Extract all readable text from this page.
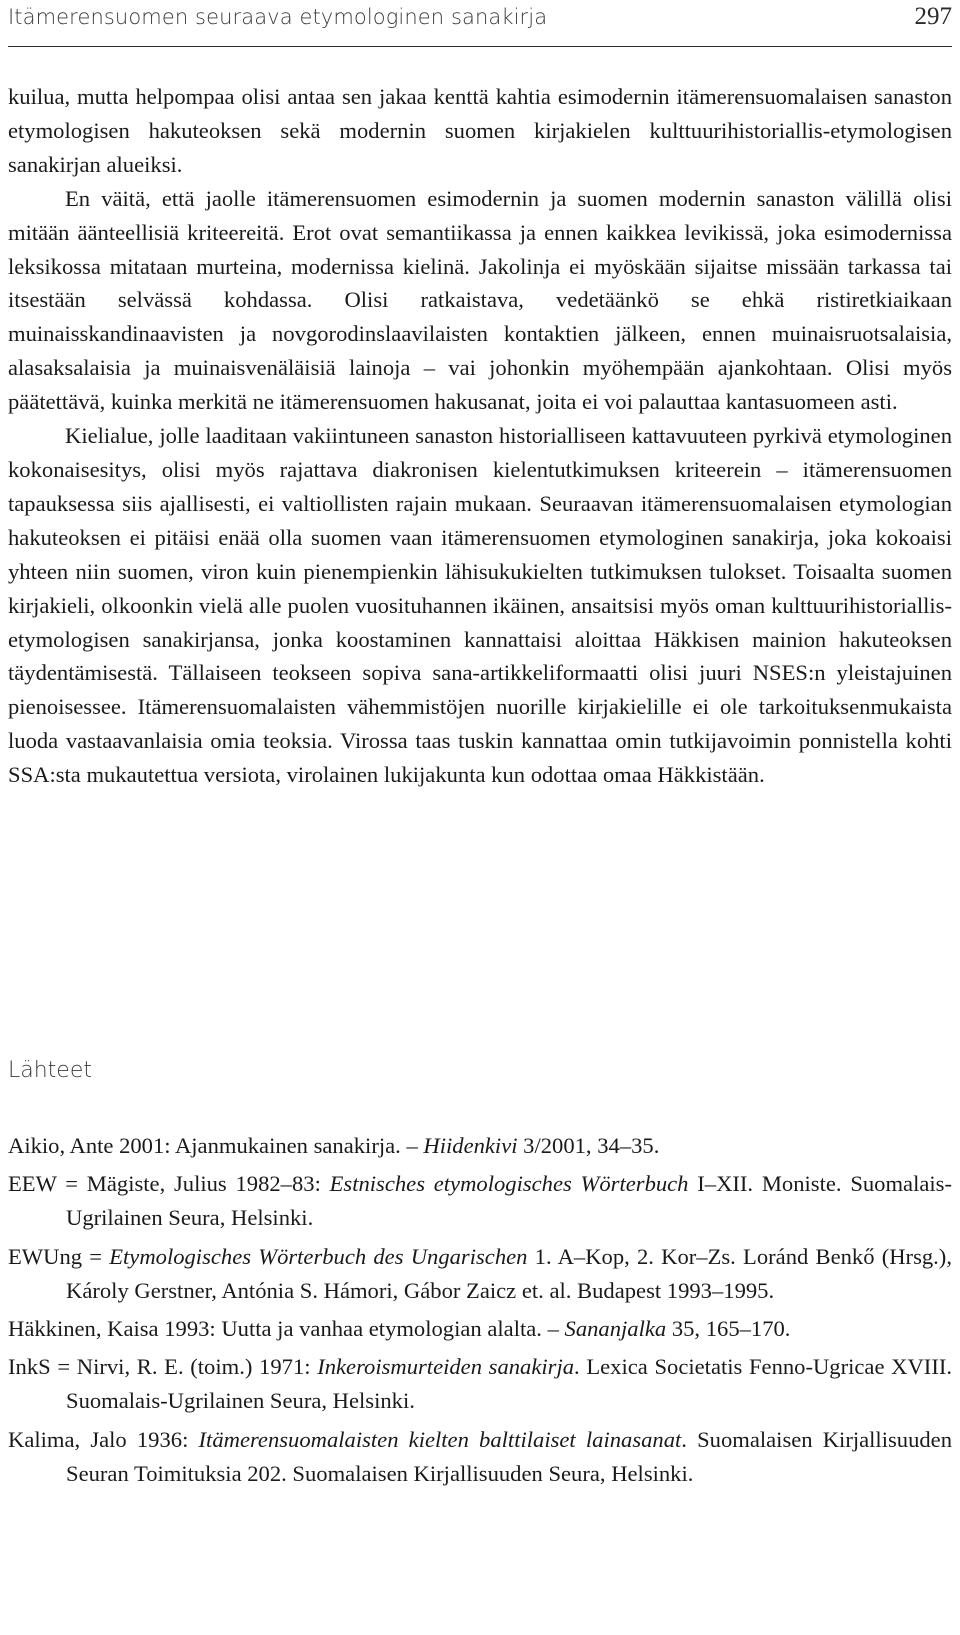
Itämerensuomen seuraava etymologinen sanakirja	297

kuilua, mutta helpompaa olisi antaa sen jakaa kenttä kahtia esimodernin itämerensuomalaisen sanaston etymologisen hakuteoksen sekä modernin suomen kirjakielen kulttuurihistoriallis-etymologisen sanakirjan alueiksi.

En väitä, että jaolle itämerensuomen esimodernin ja suomen modernin sanaston välillä olisi mitään äänteellisiä kriteereitä. Erot ovat semantiikassa ja ennen kaikkea levikissä, joka esimodernissa leksikossa mitataan murteina, modernissa kielinä. Jakolinja ei myöskään sijaitse missään tarkassa tai itsestään selvässä kohdassa. Olisi ratkaistava, vedetäänkö se ehkä ristiretkiaikaan muinaisskandinaavisten ja novgorodinslaavilaisten kontaktien jälkeen, ennen muinaisruotsalaisia, alasaksalaisia ja muinaisvenäläisiä lainoja – vai johonkin myöhempään ajankohtaan. Olisi myös päätettävä, kuinka merkitä ne itämerensuomen hakusanat, joita ei voi palauttaa kantasuomeen asti.

Kielialue, jolle laaditaan vakiintuneen sanaston historialliseen kattavuuteen pyrkivä etymologinen kokonaisesitys, olisi myös rajattava diakronisen kielentutkimuksen kriteerein – itämerensuomen tapauksessa siis ajallisesti, ei valtiollisten rajain mukaan. Seuraavan itämerensuomalaisen etymologian hakuteoksen ei pitäisi enää olla suomen vaan itämerensuomen etymologinen sanakirja, joka kokoaisi yhteen niin suomen, viron kuin pienempienkin lähisukukielten tutkimuksen tulokset. Toisaalta suomen kirjakieli, olkoonkin vielä alle puolen vuosituhannen ikäinen, ansaitsisi myös oman kulttuurihistoriallis-etymologisen sanakirjansa, jonka koostaminen kannattaisi aloittaa Häkkisen mainion hakuteoksen täydentämisestä. Tällaiseen teokseen sopiva sana-artikkeliformaatti olisi juuri NSES:n yleistajuinen pienoisessee. Itämerensuomalaisten vähemmistöjen nuorille kirjakielille ei ole tarkoituksenmukaista luoda vastaavanlaisia omia teoksia. Virossa taas tuskin kannattaa omin tutkijavoimin ponnistella kohti SSA:sta mukautettua versiota, virolainen lukijakunta kun odottaa omaa Häkkistään.

Lähteet

Aikio, Ante 2001: Ajanmukainen sanakirja. – Hiidenkivi 3/2001, 34–35.

EEW = Mägiste, Julius 1982–83: Estnisches etymologisches Wörterbuch I–XII. Moniste. Suomalais-Ugrilainen Seura, Helsinki.

EWUng = Etymologisches Wörterbuch des Ungarischen 1. A–Kop, 2. Kor–Zs. Loránd Benkő (Hrsg.), Károly Gerstner, Antónia S. Hámori, Gábor Zaicz et. al. Budapest 1993–1995.

Häkkinen, Kaisa 1993: Uutta ja vanhaa etymologian alalta. – Sananjalka 35, 165–170.

InkS = Nirvi, R. E. (toim.) 1971: Inkeroismurteiden sanakirja. Lexica Societatis Fenno-Ugricae XVIII. Suomalais-Ugrilainen Seura, Helsinki.

Kalima, Jalo 1936: Itämerensuomalaisten kielten balttilaiset lainasanat. Suomalaisen Kirjallisuuden Seuran Toimituksia 202. Suomalaisen Kirjallisuuden Seura, Helsinki.
